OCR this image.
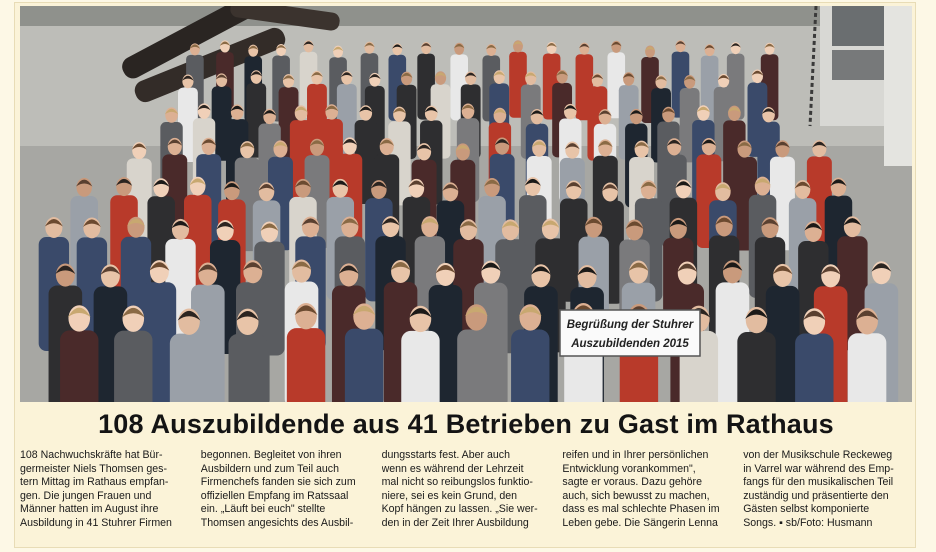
Begrüßung der Stuhrer
Auszubildenden 2015
108 Auszubildende aus 41 Betrieben zu Gast im Rathaus
108 Nachwuchskräfte hat Bür-
germeister Niels Thomsen ges-
tern Mittag im Rathaus empfan-
gen. Die jungen Frauen und
Männer hatten im August ihre
Ausbildung in 41 Stuhrer Firmen
begonnen. Begleitet von ihren
Ausbildern und zum Teil auch
Firmenchefs fanden sie sich zum
offiziellen Empfang im Ratssaal
ein. „Läuft bei euch" stellte
Thomsen angesichts des Ausbil-
dungsstarts fest. Aber auch
wenn es während der Lehrzeit
mal nicht so reibungslos funktio-
niere, sei es kein Grund, den
Kopf hängen zu lassen. „Sie wer-
den in der Zeit Ihrer Ausbildung
reifen und in Ihrer persönlichen
Entwicklung vorankommen",
sagte er voraus. Dazu gehöre
auch, sich bewusst zu machen,
dass es mal schlechte Phasen im
Leben gebe. Die Sängerin Lenna
von der Musikschule Reckeweg
in Varrel war während des Emp-
fangs für den musikalischen Teil
zuständig und präsentierte den
Gästen selbst komponierte
Songs. ▪ sb/Foto: Husmann
